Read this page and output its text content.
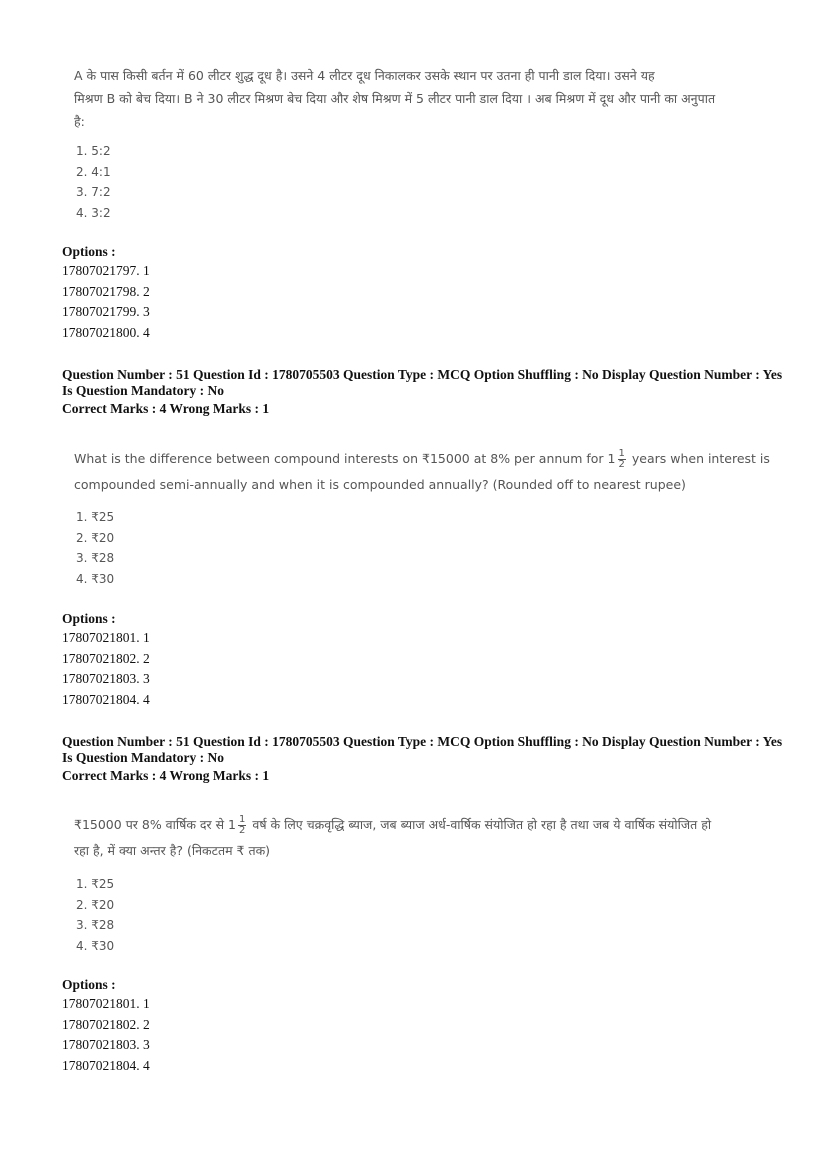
A के पास किसी बर्तन में 60 लीटर शुद्ध दूध है। उसने 4 लीटर दूध निकालकर उसके स्थान पर उतना ही पानी डाल दिया। उसने यह
मिश्रण B को बेच दिया। B ने 30 लीटर मिश्रण बेच दिया और शेष मिश्रण में 5 लीटर पानी डाल दिया । अब मिश्रण में दूध और पानी का अनुपात
है:
1. 5:2
2. 4:1
3. 7:2
4. 3:2
Options :
17807021797. 1
17807021798. 2
17807021799. 3
17807021800. 4
Question Number : 51 Question Id : 1780705503 Question Type : MCQ Option Shuffling : No Display Question Number : Yes
Is Question Mandatory : No
Correct Marks : 4 Wrong Marks : 1
What is the difference between compound interests on ₹15000 at 8% per annum for $1 \frac{1}{2}$ years when interest is
compounded semi-annually and when it is compounded annually? (Rounded off to nearest rupee)
1. ₹25
2. ₹20
3. ₹28
4. ₹30
Options :
17807021801. 1
17807021802. 2
17807021803. 3
17807021804. 4
Question Number : 51 Question Id : 1780705503 Question Type : MCQ Option Shuffling : No Display Question Number : Yes
Is Question Mandatory : No
Correct Marks : 4 Wrong Marks : 1
₹15000 पर 8% वार्षिक दर से $1 \frac{1}{2}$ वर्ष के लिए चक्रवृद्धि ब्याज, जब ब्याज अर्ध-वार्षिक संयोजित हो रहा है तथा जब ये वार्षिक संयोजित हो
रहा है, में क्या अन्तर है? (निकटतम ₹ तक)
1. ₹25
2. ₹20
3. ₹28
4. ₹30
Options :
17807021801. 1
17807021802. 2
17807021803. 3
17807021804. 4
